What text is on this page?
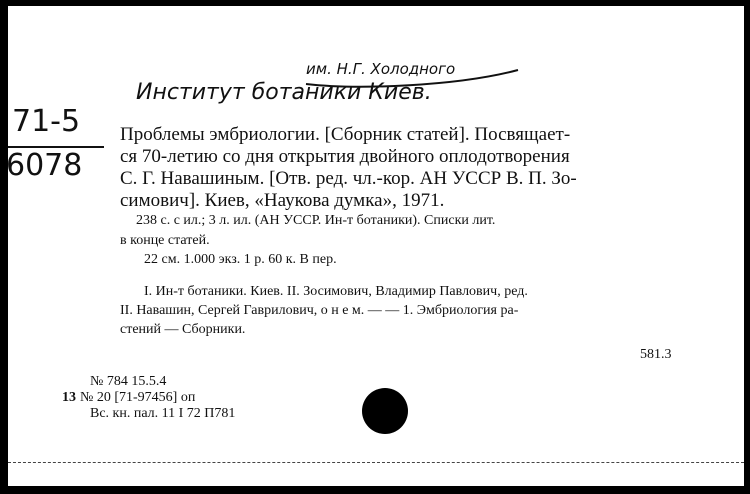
им. Н.Г. Холодного
Институт ботаники Киев.
71-5
6078
Проблемы эмбриологии. [Сборник статей]. Посвящает-
ся 70-летию со дня открытия двойного оплодотворения
С. Г. Навашиным. [Отв. ред. чл.-кор. АН УССР В. П. Зо-
симович]. Киев, «Наукова думка», 1971.
238 с. с ил.; 3 л. ил. (АН УССР. Ин-т ботаники). Списки лит.
в конце статей.
22 см. 1.000 экз. 1 р. 60 к. В пер.
I. Ин-т ботаники. Киев. II. Зосимович, Владимир Павлович, ред.
II. Навашин, Сергей Гаврилович, о н е м. — — 1. Эмбриология ра-
стений — Сборники.
581.3
№ 784 15.5.4
13 № 20 [71-97456] оп
Вс. кн. пал. 11 I 72 П781
